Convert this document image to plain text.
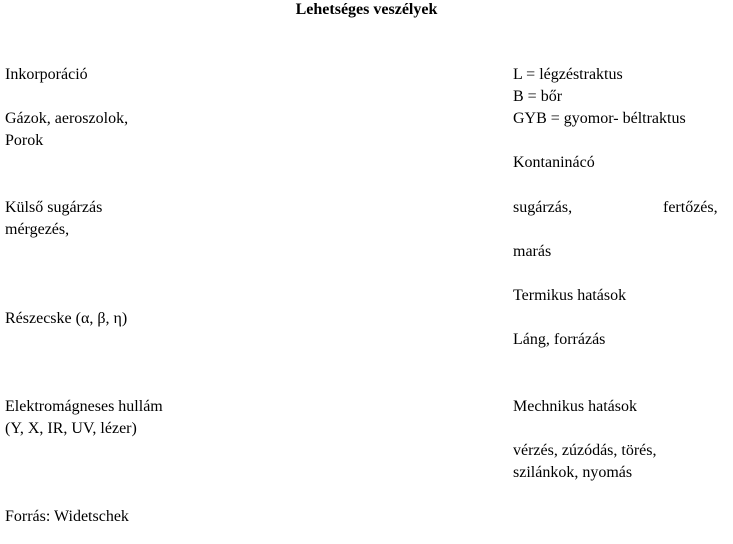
Lehetséges veszélyek
Inkorporáció
Gázok, aeroszolok,
Porok
Külső sugárzás
mérgezés,
Részecske (α, β, η)
Elektromágneses hullám
(Y, X, IR, UV, lézer)
Forrás: Widetschek
L = légzéstraktus
B = bőr
GYB = gyomor- béltraktus
Kontaninácó
sugárzás,	fertőzés,
marás
Termikus hatások
Láng, forrázás
Mechnikus hatások
vérzés, zúzódás, törés,
szilánkok, nyomás
